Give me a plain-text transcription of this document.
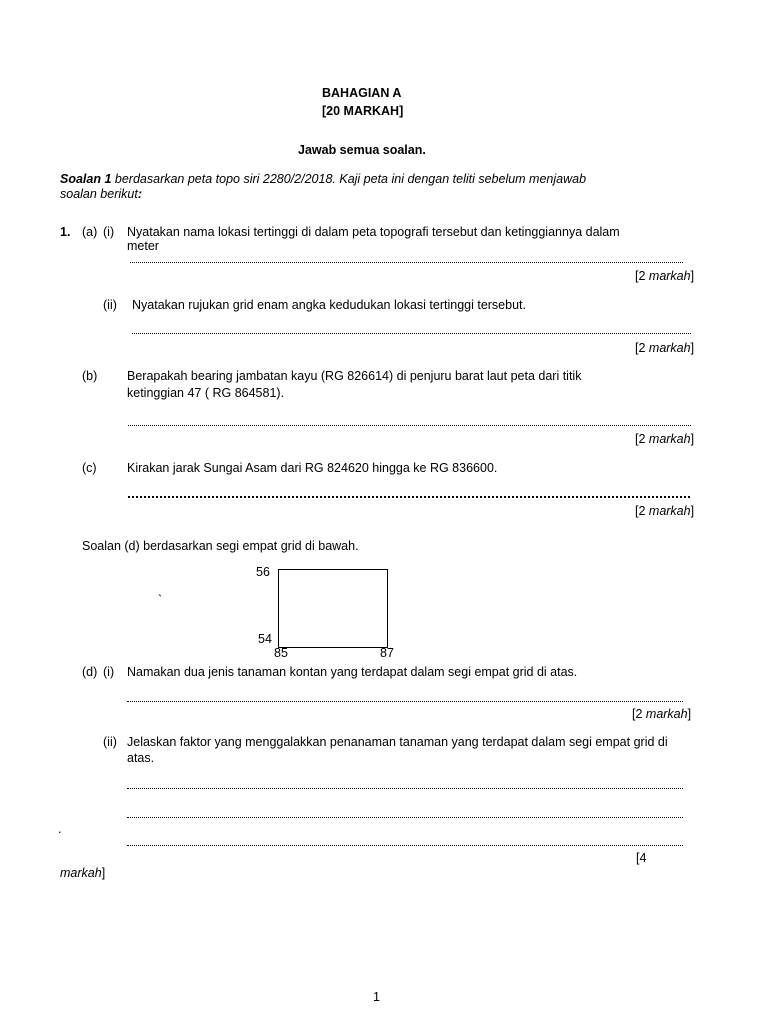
BAHAGIAN A
[20 MARKAH]
Jawab semua soalan.
Soalan 1 berdasarkan peta topo siri 2280/2/2018. Kaji peta ini dengan teliti sebelum menjawab
soalan berikut:
1. (a) (i) Nyatakan nama lokasi tertinggi di dalam peta topografi tersebut dan ketinggiannya dalam
meter
[2 markah]
(ii) Nyatakan rujukan grid enam angka kedudukan lokasi tertinggi tersebut.
[2 markah]
(b) Berapakah bearing jambatan kayu (RG 826614) di penjuru barat laut peta dari titik
ketinggian 47 ( RG 864581).
[2 markah]
(c) Kirakan jarak Sungai Asam dari RG 824620 hingga ke RG 836600.
[2 markah]
Soalan (d) berdasarkan segi empat grid di bawah.
56
54
85	87
`
(d) (i) Namakan dua jenis tanaman kontan yang terdapat dalam segi empat grid di atas.
[2 markah]
(ii) Jelaskan faktor yang menggalakkan penanaman tanaman yang terdapat dalam segi empat grid di
atas.
.
[4
markah]
1
